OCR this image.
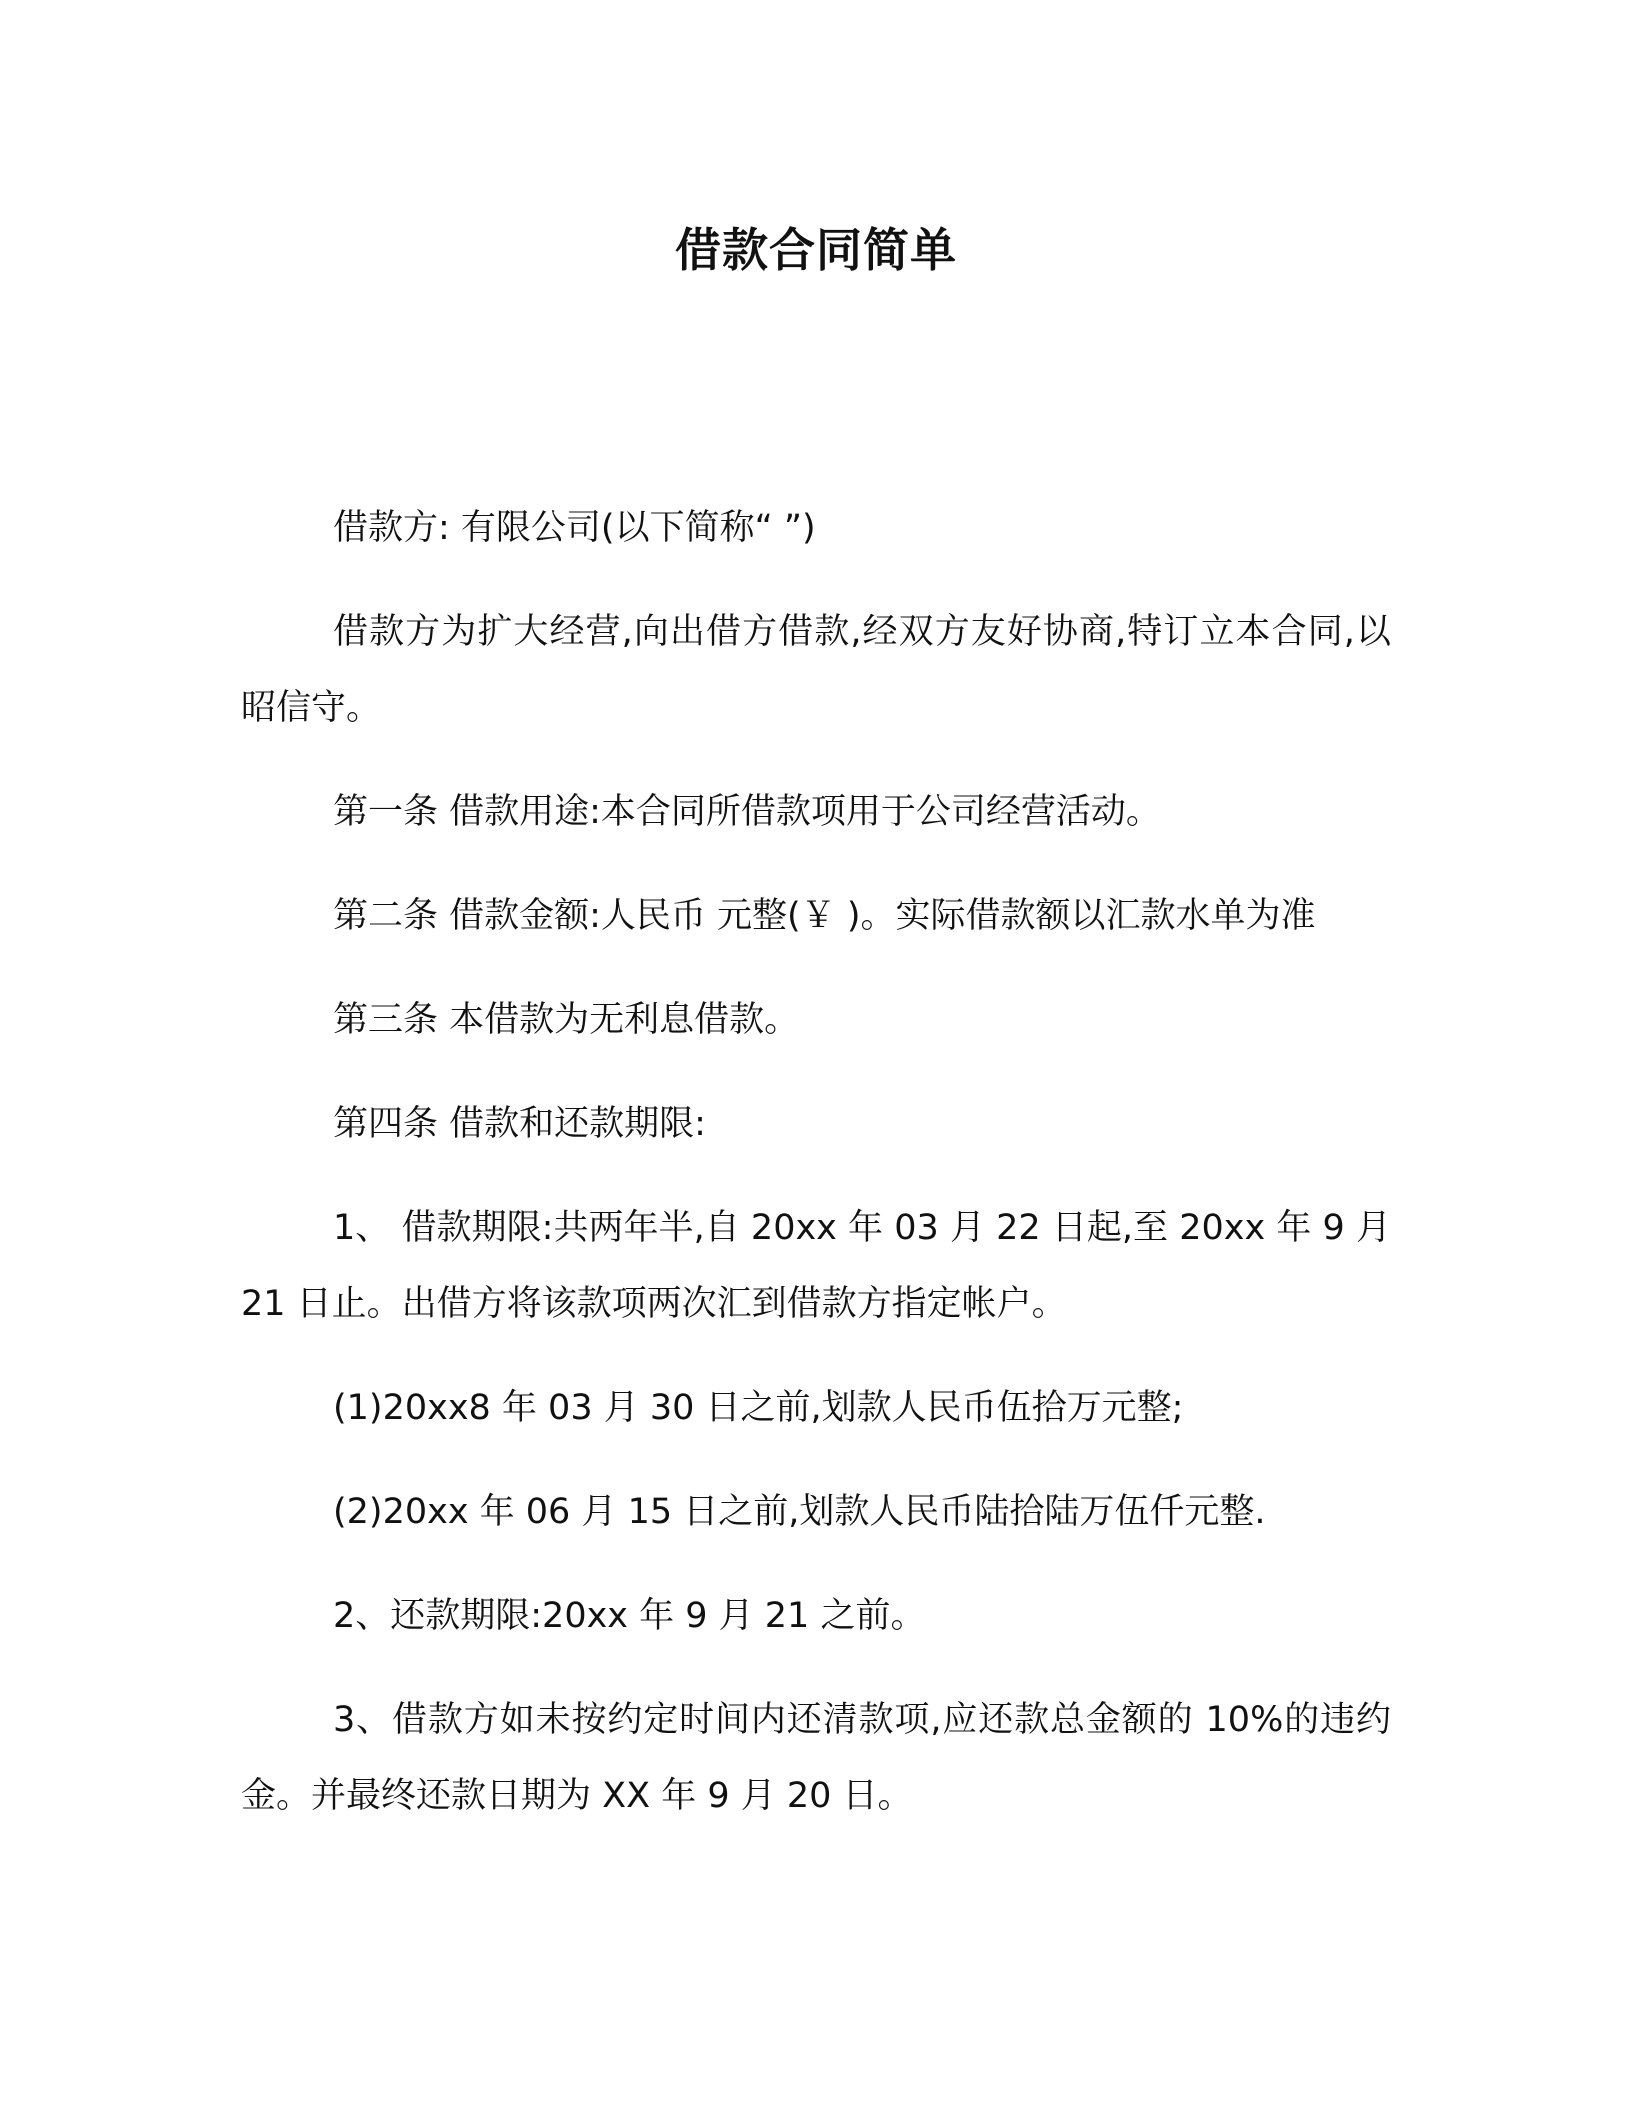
借款合同简单

借款方: 有限公司(以下简称“ ”)

借款方为扩大经营,向出借方借款,经双方友好协商,特订立本合同,以昭信守。

第一条 借款用途:本合同所借款项用于公司经营活动。

第二条 借款金额:人民币 元整(￥ )。实际借款额以汇款水单为准

第三条 本借款为无利息借款。

第四条 借款和还款期限:

1、 借款期限:共两年半,自 20xx 年 03 月 22 日起,至 20xx 年 9 月 21 日止。出借方将该款项两次汇到借款方指定帐户。

(1)20xx8 年 03 月 30 日之前,划款人民币伍拾万元整;

(2)20xx 年 06 月 15 日之前,划款人民币陆拾陆万伍仟元整.

2、还款期限:20xx 年 9 月 21 之前。

3、借款方如未按约定时间内还清款项,应还款总金额的 10%的违约金。并最终还款日期为 XX 年 9 月 20 日。
